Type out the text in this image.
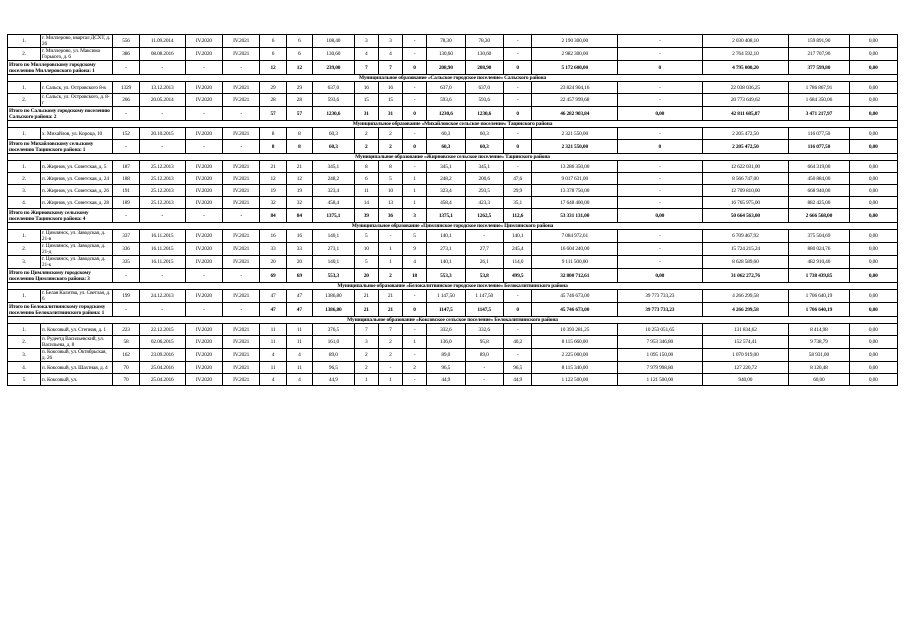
1.	г. Миллерово, квартал ДСХТ, д. 26	556	11.09.2014	IV.2020	IV.2021	6	6	108,40	3	3	-	78,30	78,30	-	2 190 300,00	-	2 030 408,10	159 891,90	0,00
2.	г. Миллерово, ул. Максима Горького, д. 6	386	08.08.2016	IV.2020	IV.2021	6	6	130,60	4	4	-	130,60	130,60	-	2 982 300,00	-	2 764 592,10	217 707,90	0,00
Итого по Миллеровскому городскому поселению Миллеровского района: 1		-	-	-	-	12	12	239,00	7	7	0	208,90	208,90	0	5 172 600,00	0	4 795 000,20	377 599,80	0,00
Муниципальное образование «Сальское городское поселение» Сальского района																			
1.	г. Сальск, ул. Островского 8-в	1329	13.12.2013	IV.2020	IV.2021	29	29	637,0	16	16	-	637,0	637,0	-	23 824 904,16	-	22 038 036,25	1 786 867,91	0,00
2.	г. Сальск, ул. Островского, д. 8-г	266	20.05.2014	IV.2020	IV.2021	28	28	593,6	15	15	-	593,6	593,6	-	22 457 999,68	-	20 773 649,62	1 684 350,06	0,00
Итого по Сальскому городскому поселению Сальского района: 2		-	-	-	-	57	57	1230,6	31	31	0	1230,6	1230,6	0	46 282 903,84	0,00	42 811 685,87	3 471 217,97	0,00
Муниципальное образование «Михайловское сельское поселение» Тацинского района																			
1.	х. Михайлов, ул. Короца, 10	152	20.10.2015	IV.2020	IV.2021	8	8	60,3	2	2	-	60,3	60,3	-	2 321 550,00	-	2 205 472,50	116 077,50	0,00
Итого по Михайловскому сельскому поселению Тацинского района: 1		-	-	-	-	8	8	60,3	2	2	0	60,3	60,3	0	2 321 550,00	0	2 205 472,50	116 077,50	0,00
Муниципальное образование «Жирновское сельское поселение» Тацинского района																			
1.	п. Жирнов, ул. Советская, д. 5	187	25.12.2013	IV.2020	IV.2021	21	21	345,1	8	8	-	345,1	345,1	-	13 286 350,00	-	12 622 031,00	664 319,00	0,00
2.	п. Жирнов, ул. Советская, д. 24	188	25.12.2013	IV.2020	IV.2021	12	12	248,2	6	5	1	248,2	200,6	47,6	9 017 631,00	-	8 566 747,00	450 884,00	0,00
3.	п. Жирнов, ул. Советская, д. 26	191	25.12.2013	IV.2020	IV.2021	19	19	323,4	11	10	1	323,4	293,5	29,9	13 378 750,00	-	12 709 810,00	668 940,00	0,00
4.	п. Жирнов, ул. Советская, д. 28	189	25.12.2013	IV.2020	IV.2021	32	32	458,4	14	13	1	458,4	423,3	35,1	17 648 400,00	-	16 765 975,00	882 425,00	0,00
Итого по Жирновскому сельскому поселению Тацинского района: 4		-	-	-	-	84	84	1375,1	39	36	3	1375,1	1262,5	112,6	53 331 131,00	0,00	50 664 563,00	2 666 568,00	0,00
Муниципальное образование «Цимлянское городское поселение» Цимлянского района																			
1.	г. Цимлянск, ул. Заводская, д. 21-в	337	16.11.2015	IV.2020	IV.2021	16	16	140,1	5	-	5	140,1	-	140,1	7 084 972,61	-	6 709 467,92	375 504,69	0,00
2.	г. Цимлянск, ул. Заводская, д. 21-д	336	16.11.2015	IV.2020	IV.2021	33	33	273,1	10	1	9	273,1	27,7	245,4	16 604 240,00	-	15 724 215,24	880 024,76	0,00
3.	г. Цимлянск, ул. Заводская, д. 21-к	335	16.11.2015	IV.2020	IV.2021	20	20	140,1	5	1	4	140,1	26,1	114,0	9 111 500,00	-	8 628 589,60	482 910,40	0,00
Итого по Цимлянскому городскому поселению Цимлянского района: 3		-	-	-	-	69	69	553,3	20	2	18	553,3	53,8	499,5	32 800 712,61	0,00	31 062 272,76	1 738 439,85	0,00
Муниципальное образование «Белокалитвинское городское поселение» Белокалитвинского района																			
1.	г. Белая Калитва, ул. Светлая, д. 6	199	24.12.2013	IV.2020	IV.2021	47	47	1386,80	21	21	-	1 147,50	1 147,50	-	45 746 673,00	39 773 733,23	4 266 299,58	1 706 640,19	0,00
Итого по Белокалитвинскому городскому поселению Белокалитвинского района: 1		-	-	-	-	47	47	1386,80	21	21	0	1147,5	1147,5	0	45 746 673,00	39 773 733,23	4 266 299,58	1 706 640,19	0,00
Муниципальное образование «Коксовское сельское поселение» Белокалитвинского района																			
1.	п. Коксовый, ул. Степная, д. 1	223	22.12.2015	IV.2020	IV.2021	11	11	376,5	7	7	-	332,6	332,6	-	10 393 281,25	10 253 051,65	131 834,62	8 414,98	0,00
2.	п. Рудеетд Васильевский, ул. Васильева, д. 8	58	02.06.2015	IV.2020	IV.2021	11	11	161,0	3	2	1	136,0	95,8	40,2	8 115 660,00	7 953 346,80	152 574,41	9 738,79	0,00
3.	п. Коксовый, ул. Октябрьская, д. 26	162	23.09.2016	IV.2020	IV.2021	4	4	89,0	2	2	-	89,0	89,0	-	2 225 000,00	1 095 150,00	1 070 919,00	58 931,00	0,00
4.	п. Коксовый, ул. Шахтная, д. 4	70	25.04.2016	IV.2020	IV.2021	11	11	96,5	2	-	2	96,5	-	96,5	8 115 340,00	7 979 998,80	127 220,72	8 120,48	0,00
5	п. Коксовый, ул.	70	25.04.2016	IV.2020	IV.2021	4	4	44,9	1	1	-	44,9	-	44,9	1 122 500,00	1 121 500,00	940,00	60,00	0,00
